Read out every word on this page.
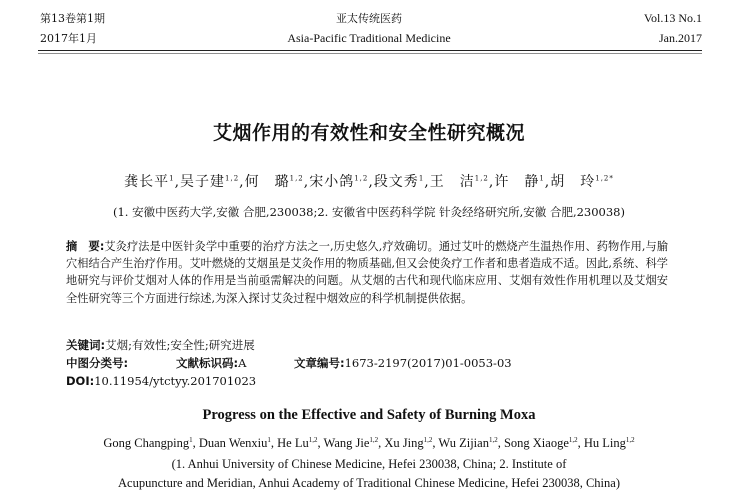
第13卷第1期
2017年1月
亚太传统医药
Asia-Pacific Traditional Medicine
Vol.13 No.1
Jan.2017
艾烟作用的有效性和安全性研究概况
龚长平$^1$,吴子建$^{1,2}$,何　璐$^{1,2}$,宋小鸽$^{1,2}$,段文秀$^1$,王　洁$^{1,2}$,许　静$^1$,胡　玲$^{1,2*}$
(1. 安徽中医药大学,安徽 合肥,230038;2. 安徽省中医药科学院 针灸经络研究所,安徽 合肥,230038)
摘　要:艾灸疗法是中医针灸学中重要的治疗方法之一,历史悠久,疗效确切。通过艾叶的燃烧产生温热作用、药物作用,与腧穴相结合产生治疗作用。艾叶燃烧的艾烟虽是艾灸作用的物质基础,但又会使灸疗工作者和患者造成不适。因此,系统、科学地研究与评价艾烟对人体的作用是当前亟需解决的问题。从艾烟的古代和现代临床应用、艾烟有效性作用机理以及艾烟安全性研究等三个方面进行综述,为深入探讨艾灸过程中烟效应的科学机制提供依据。
关键词:艾烟;有效性;安全性;研究进展
中图分类号:	文献标识码:A	文章编号:1673-2197(2017)01-0053-03
DOI:10.11954/ytctyy.201701023
Progress on the Effective and Safety of Burning Moxa
Gong Changping$^1$, Duan Wenxiu$^1$, He Lu$^{1,2}$, Wang Jie$^{1,2}$, Xu Jing$^{1,2}$, Wu Zijian$^{1,2}$, Song Xiaoge$^{1,2}$, Hu Ling$^{1,2}$
(1. Anhui University of Chinese Medicine, Hefei 230038, China; 2. Institute of
Acupuncture and Meridian, Anhui Academy of Traditional Chinese Medicine, Hefei 230038, China)
